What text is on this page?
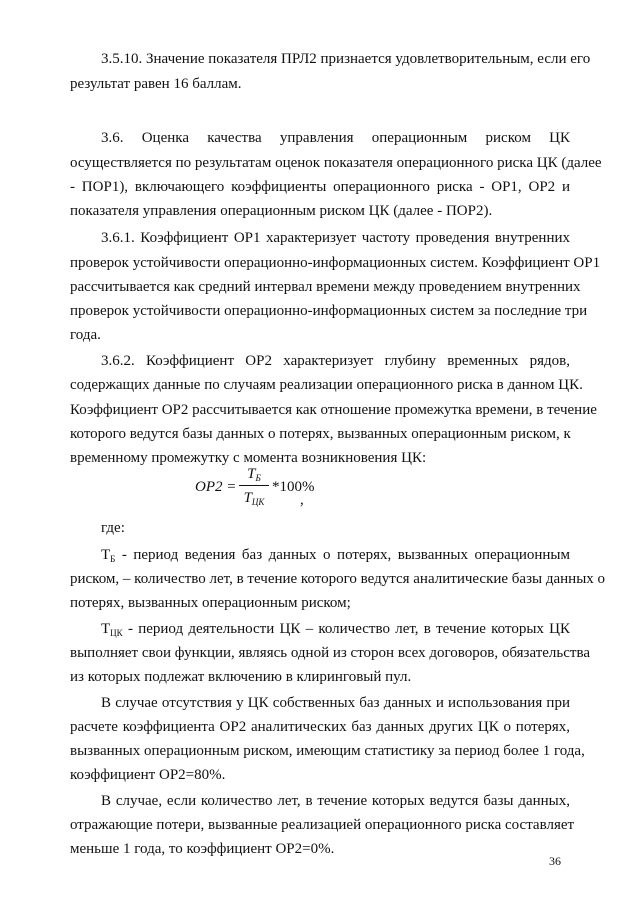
3.5.10. Значение показателя ПРЛ2 признается удовлетворительным, если его
результат равен 16 баллам.
3.6. Оценка качества управления операционным риском ЦК
осуществляется по результатам оценок показателя операционного риска ЦК (далее
- ПОР1), включающего коэффициенты операционного риска - ОР1, ОР2 и
показателя управления операционным риском ЦК (далее - ПОР2).
3.6.1. Коэффициент ОР1 характеризует частоту проведения внутренних
проверок устойчивости операционно-информационных систем. Коэффициент ОР1
рассчитывается как средний интервал времени между проведением внутренних
проверок устойчивости операционно-информационных систем за последние три
года.
3.6.2. Коэффициент ОР2 характеризует глубину временных рядов,
содержащих данные по случаям реализации операционного риска в данном ЦК.
Коэффициент ОР2 рассчитывается как отношение промежутка времени, в течение
которого ведутся базы данных о потерях, вызванных операционным риском, к
временному промежутку с момента возникновения ЦК:
OP2 =
$T_Б$
$T_{ЦК}$
*100%
,
где:
$Т_Б$ - период ведения баз данных о потерях, вызванных операционным
риском, – количество лет, в течение которого ведутся аналитические базы данных о
потерях, вызванных операционным риском;
$Т_{ЦК}$ - период деятельности ЦК – количество лет, в течение которых ЦК
выполняет свои функции, являясь одной из сторон всех договоров, обязательства
из которых подлежат включению в клиринговый пул.
В случае отсутствия у ЦК собственных баз данных и использования при
расчете коэффициента ОР2 аналитических баз данных других ЦК о потерях,
вызванных операционным риском, имеющим статистику за период более 1 года,
коэффициент ОР2=80%.
В случае, если количество лет, в течение которых ведутся базы данных,
отражающие потери, вызванные реализацией операционного риска составляет
меньше 1 года, то коэффициент ОР2=0%.
36
